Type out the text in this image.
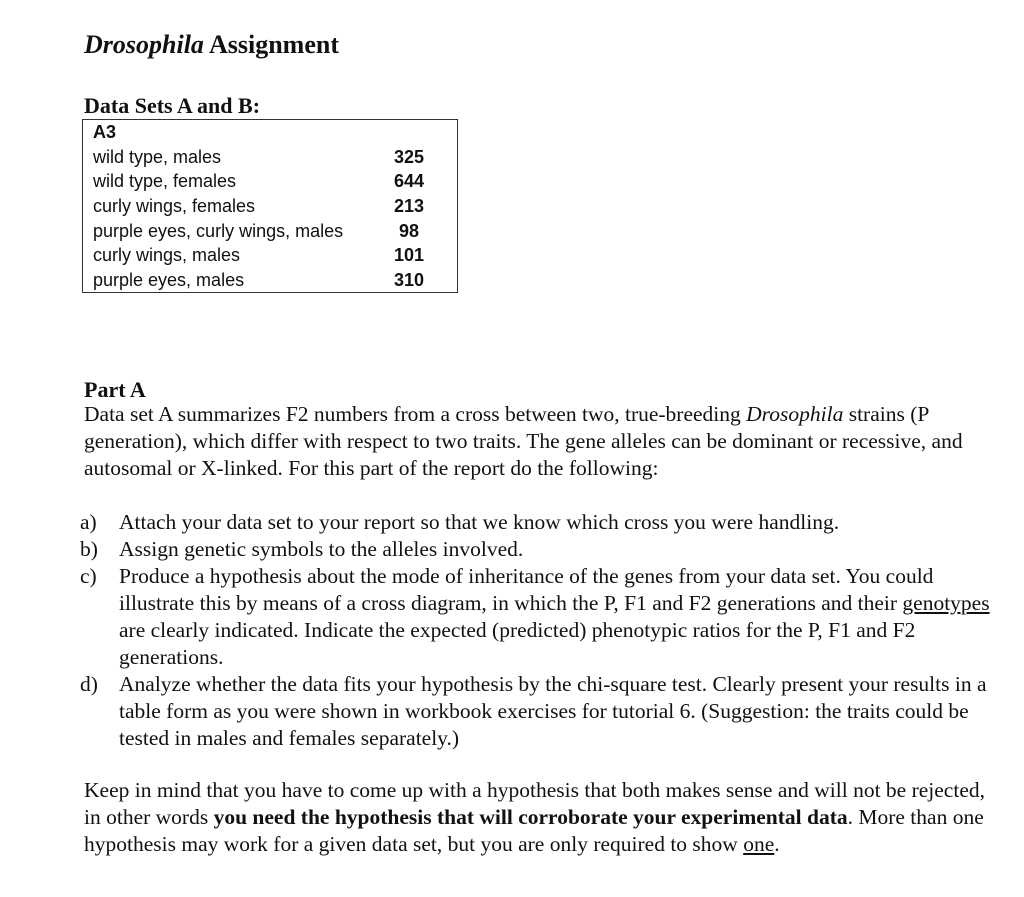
Drosophila Assignment
Data Sets A and B:
A3	
wild type, males	325
wild type, females	644
curly wings, females	213
purple eyes, curly wings, males	98
curly wings, males	101
purple eyes, males	310
Part A

Data set A summarizes F2 numbers from a cross between two, true-breeding Drosophila strains (P generation), which differ with respect to two traits. The gene alleles can be dominant or recessive, and autosomal or X-linked. For this part of the report do the following:

a) Attach your data set to your report so that we know which cross you were handling.
b) Assign genetic symbols to the alleles involved.
c) Produce a hypothesis about the mode of inheritance of the genes from your data set. You could illustrate this by means of a cross diagram, in which the P, F1 and F2 generations and their genotypes are clearly indicated. Indicate the expected (predicted) phenotypic ratios for the P, F1 and F2 generations.
d) Analyze whether the data fits your hypothesis by the chi-square test. Clearly present your results in a table form as you were shown in workbook exercises for tutorial 6. (Suggestion: the traits could be tested in males and females separately.)

Keep in mind that you have to come up with a hypothesis that both makes sense and will not be rejected, in other words you need the hypothesis that will corroborate your experimental data. More than one hypothesis may work for a given data set, but you are only required to show one.
